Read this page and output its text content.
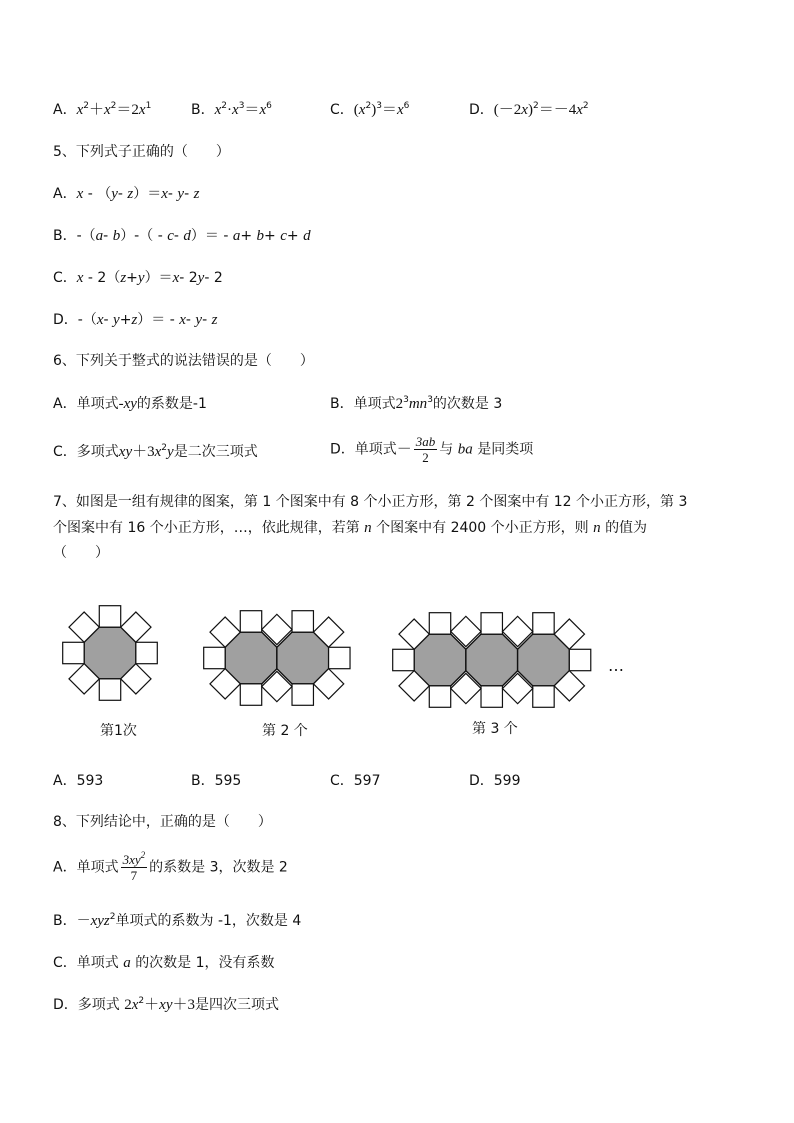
A．$x^2+x^2=2x^1$	B．$x^2\cdot x^3=x^6$	C．$(x^2)^3=x^6$	D．$(-2x)^2=-4x^2$
5、下列式子正确的（　　）
A．x - （y- z）＝x- y- z
B．-（a- b）-（ - c- d）＝ - a+ b+ c+ d
C．x - 2（z+y）＝x- 2y- 2
D．-（x- y+z）＝ - x- y- z
6、下列关于整式的说法错误的是（　　）
A．单项式-xy的系数是-1	B．单项式$2^3mn^3$的次数是 3
C．多项式$xy+3x^2y$是二次三项式	D．单项式－ $\frac{3ab}{2}$ 与 ba 是同类项
7、如图是一组有规律的图案，第 1 个图案中有 8 个小正方形，第 2 个图案中有 12 个小正方形，第 3
个图案中有 16 个小正方形，…，依此规律，若第 n 个图案中有 2400 个小正方形，则 n 的值为
（　　）
第1次	第 2 个	第 3 个
…
A．593	B．595	C．597	D．599
8、下列结论中，正确的是（　　）
A．单项式 $\frac{3xy^2}{7}$ 的系数是 3，次数是 2
B．－xyz$^2$单项式的系数为 -1，次数是 4
C．单项式 a 的次数是 1，没有系数
D．多项式 $2x^2+xy+3$是四次三项式
